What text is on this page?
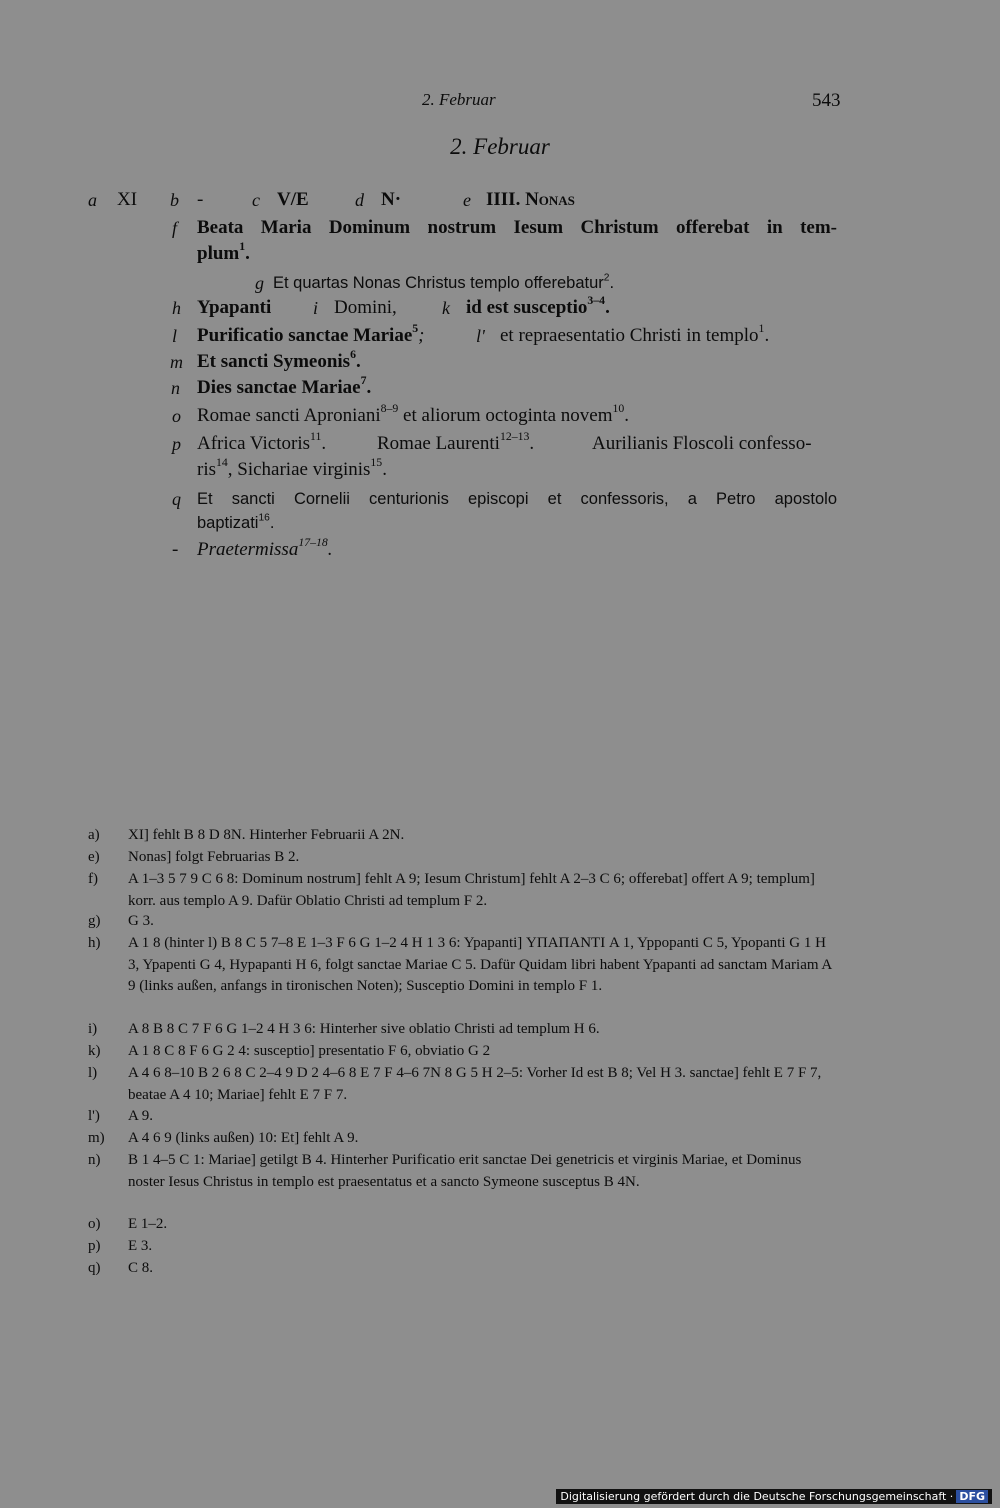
2. Februar	543
2. Februar
a XI b -	c V/E	d N·	e IIII. Nonas
f Beata Maria Dominum nostrum Iesum Christum offerebat in tem-
plum$^1$.
g Et quartas Nonas Christus templo offerebatur$^2$.
h Ypapanti i Domini,	k id est susceptio$^{3-4}$.
l Purificatio sanctae Mariae$^5$;	l' et repraesentatio Christi in templo$^1$.
m Et sancti Symeonis$^6$.
n Dies sanctae Mariae$^7$.
o Romae sancti Aproniani$^{8-9}$ et aliorum octoginta novem$^{10}$.
p Africa Victoris$^{11}$.	Romae Laurenti$^{12-13}$.	Aurilianis Floscoli confesso-
ris$^{14}$, Sichariae virginis$^{15}$.
q Et sancti Cornelii centurionis episcopi et confessoris, a Petro apostolo
baptizati$^{16}$.
- Praetermissa$^{17-18}$.
a) XI] fehlt B 8 D 8N. Hinterher Februarii A 2N.
e) Nonas] folgt Februarias B 2.
f) A 1–3 5 7 9 C 6 8: Dominum nostrum] fehlt A 9; Iesum Christum] fehlt A 2–3 C 6; offerebat] offert A 9; templum] korr. aus templo A 9. Dafür Oblatio Christi ad templum F 2.
g) G 3.
h) A 1 8 (hinter l) B 8 C 5 7–8 E 1–3 F 6 G 1–2 4 H 1 3 6: Ypapanti] ΥΠΑΠΑΝΤΙ A 1, Yppopanti C 5, Ypopanti G 1 H 3, Ypapenti G 4, Hypapanti H 6, folgt sanctae Mariae C 5. Dafür Quidam libri habent Ypapanti ad sanctam Mariam A 9 (links außen, anfangs in tironischen Noten); Susceptio Domini in templo F 1.
i) A 8 B 8 C 7 F 6 G 1–2 4 H 3 6: Hinterher sive oblatio Christi ad templum H 6.
k) A 1 8 C 8 F 6 G 2 4: susceptio] presentatio F 6, obviatio G 2
l) A 4 6 8–10 B 2 6 8 C 2–4 9 D 2 4–6 8 E 7 F 4–6 7N 8 G 5 H 2–5: Vorher Id est B 8; Vel H 3. sanctae] fehlt E 7 F 7, beatae A 4 10; Mariae] fehlt E 7 F 7.
l') A 9.
m) A 4 6 9 (links außen) 10: Et] fehlt A 9.
n) B 1 4–5 C 1: Mariae] getilgt B 4. Hinterher Purificatio erit sanctae Dei genetricis et virginis Mariae, et Dominus noster Iesus Christus in templo est praesentatus et a sancto Symeone susceptus B 4N.
o) E 1–2.
p) E 3.
q) C 8.
Digitalisierung gefördert durch die Deutsche Forschungsgemeinschaft · DFG
